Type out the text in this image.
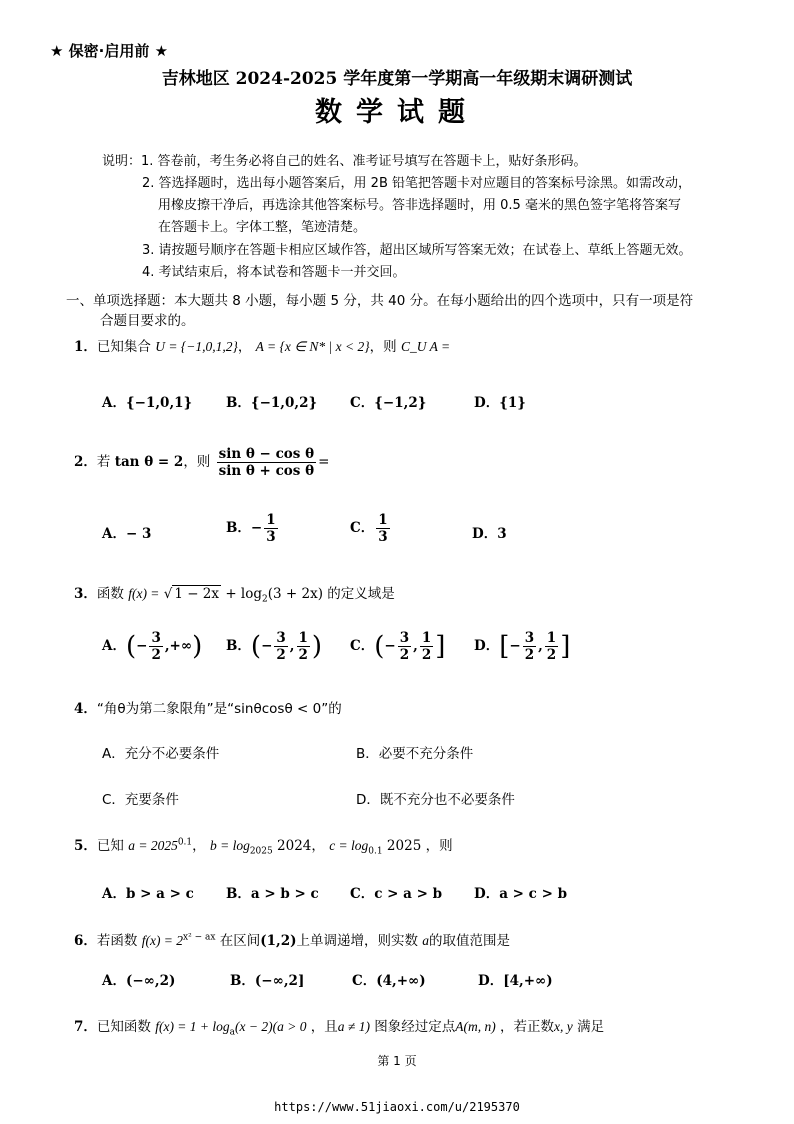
★ 保密·启用前 ★
吉林地区 2024-2025 学年度第一学期高一年级期末调研测试
数学试题
说明：1. 答卷前，考生务必将自己的姓名、准考证号填写在答题卡上，贴好条形码。
2. 答选择题时，选出每小题答案后，用 2B 铅笔把答题卡对应题目的答案标号涂黑。如需改动，
用橡皮擦干净后，再选涂其他答案标号。答非选择题时，用 0.5 毫米的黑色签字笔将答案写
在答题卡上。字体工整，笔迹清楚。
3. 请按题号顺序在答题卡相应区域作答，超出区域所写答案无效；在试卷上、草纸上答题无效。
4. 考试结束后，将本试卷和答题卡一并交回。
一、单项选择题：本大题共 8 小题，每小题 5 分，共 40 分。在每小题给出的四个选项中，只有一项是符
合题目要求的。
1．已知集合 U = {−1,0,1,2}， A = {x ∈ N* | x < 2}，则 C_U A =
A．{−1,0,1}	B．{−1,0,2} C．{−1,2}	D．{1}
2．若 tan θ = 2，则 $\frac{\text{sin θ − cos θ}}{\text{sin θ + cos θ}}$ =
A．− 3	B．− $\frac{1}{3}$	C． $\frac{1}{3}$	D．3
3．函数 f(x) = √ $1 - 2x + \log_2(3 + 2x)$ 的定义域是
A．(− $\frac{3}{2}$ ,+∞) B．(− $\frac{3}{2}$ , $\frac{1}{2}$ ) C．(− $\frac{3}{2}$ , $\frac{1}{2}$ ] D．[− $\frac{3}{2}$ , $\frac{1}{2}$ ]
4．“角θ为第二象限角”是“sinθcosθ < 0”的
A．充分不必要条件	B．必要不充分条件
C．充要条件	D．既不充分也不必要条件
5．已知 $a = 2025^{0.1}$， $b = \log_{2025} 2024$， $c = \log_{0.1} 2025$ ，则
A．b > a > c B．a > b > c C．c > a > b D．a > c > b
6．若函数 $f(x) = 2^{x^2 - ax}$ 在区间(1,2)上单调递增，则实数 a的取值范围是
A．(−∞,2)	B．(−∞,2]	C．(4,+∞)	D．[4,+∞)
7．已知函数 $f(x) = 1 + \log_a(x - 2)(a > 0$ ，且a ≠ 1) 图象经过定点A(m, n) ，若正数x, y 满足
第 1 页
https://www.51jiaoxi.com/u/2195370
